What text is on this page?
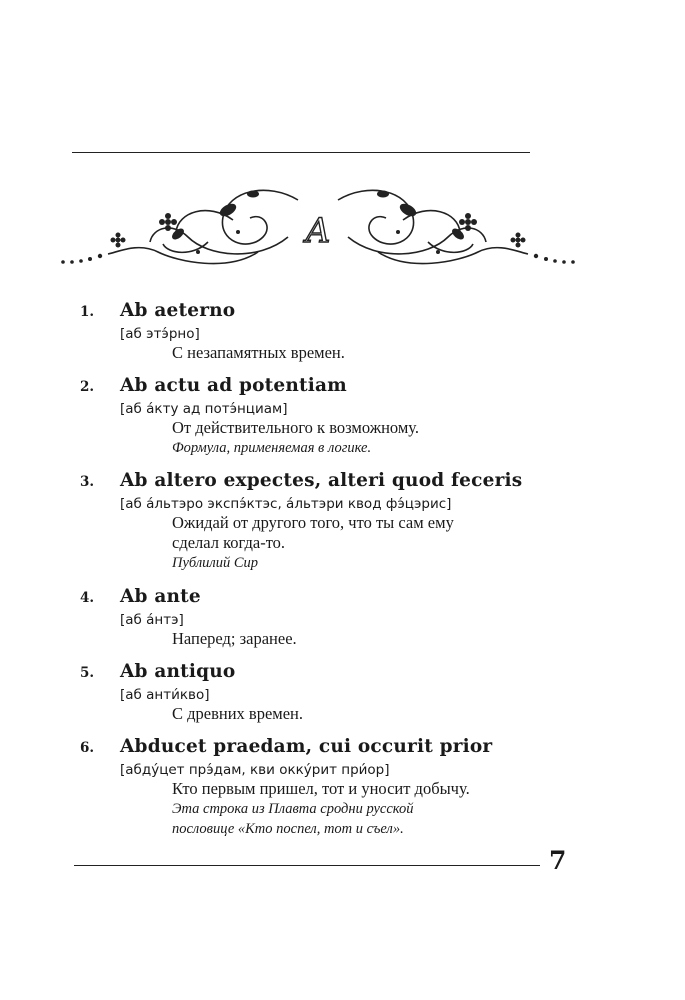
A
1.	Ab aeterno
[аб этэ́рно]
С незапамятных времен.
2.	Ab actu ad potentiam
[аб а́кту ад потэ́нциам]
От действительного к возможному.
Формула, применяемая в логике.
3.	Ab altero expectes, alteri quod feceris
[аб а́льтэро экспэ́ктэс, а́льтэри квод фэ́цэрис]
Ожидай от другого того, что ты сам ему
сделал когда-то.
Публилий Сир
4.	Ab ante
[аб а́нтэ]
Наперед; заранее.
5.	Ab antiquo
[аб анти́кво]
С древних времен.
6.	Abducet praedam, cui occurit prior
[абду́цет прэ́дам, кви окку́рит при́ор]
Кто первым пришел, тот и уносит добычу.
Эта строка из Плавта сродни русской
пословице «Кто поспел, тот и съел».
7
